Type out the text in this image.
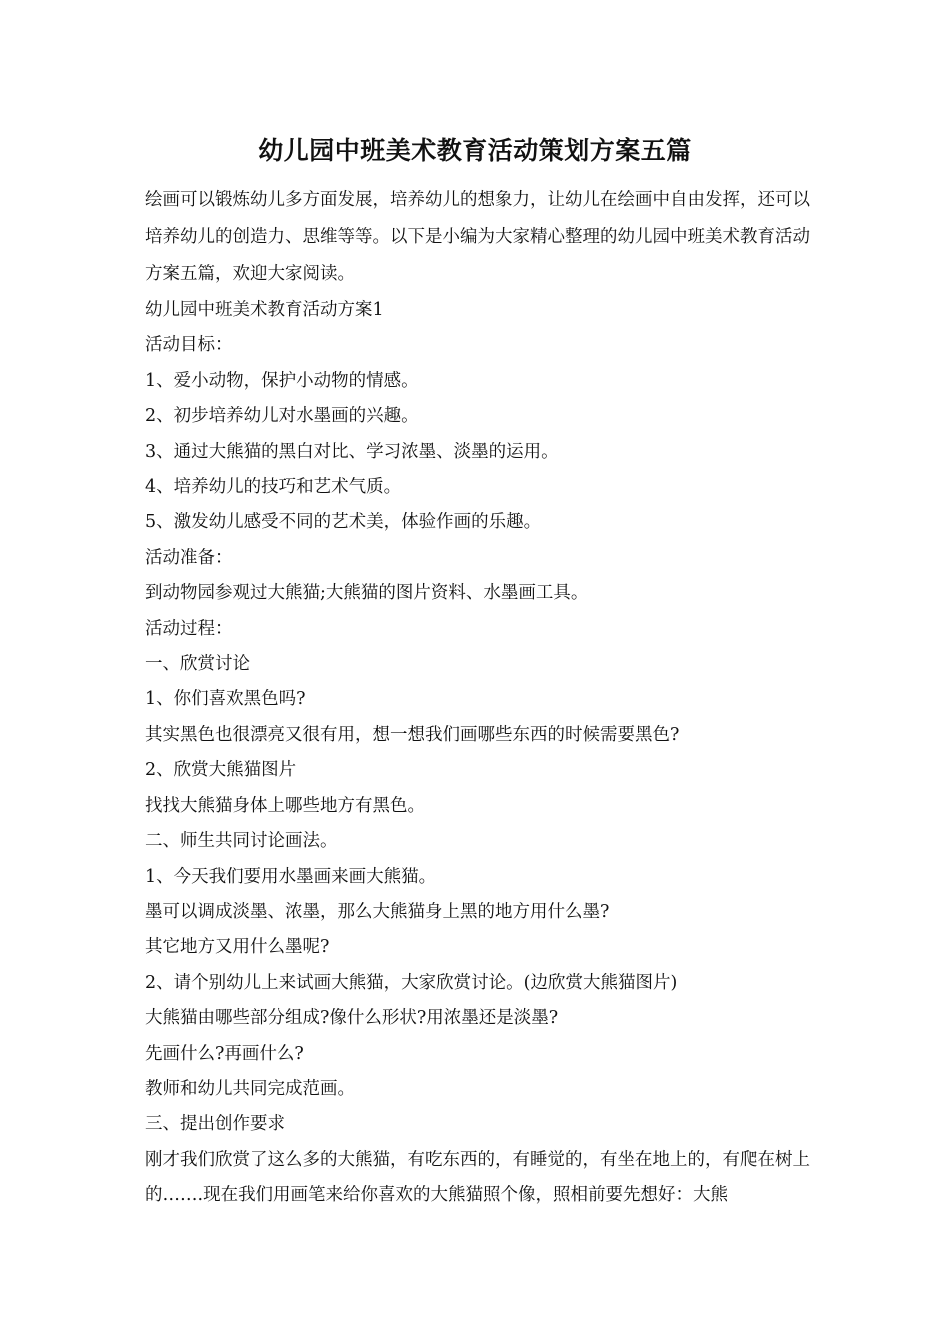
幼儿园中班美术教育活动策划方案五篇

绘画可以锻炼幼儿多方面发展，培养幼儿的想象力，让幼儿在绘画中自由发挥，还可以培养幼儿的创造力、思维等等。以下是小编为大家精心整理的幼儿园中班美术教育活动方案五篇，欢迎大家阅读。

幼儿园中班美术教育活动方案1

活动目标：

1、爱小动物，保护小动物的情感。

2、初步培养幼儿对水墨画的兴趣。

3、通过大熊猫的黑白对比、学习浓墨、淡墨的运用。

4、培养幼儿的技巧和艺术气质。

5、激发幼儿感受不同的艺术美，体验作画的乐趣。

活动准备：

到动物园参观过大熊猫;大熊猫的图片资料、水墨画工具。

活动过程：

一、欣赏讨论

1、你们喜欢黑色吗?

其实黑色也很漂亮又很有用，想一想我们画哪些东西的时候需要黑色?

2、欣赏大熊猫图片

找找大熊猫身体上哪些地方有黑色。

二、师生共同讨论画法。

1、今天我们要用水墨画来画大熊猫。

墨可以调成淡墨、浓墨，那么大熊猫身上黑的地方用什么墨?

其它地方又用什么墨呢?

2、请个别幼儿上来试画大熊猫，大家欣赏讨论。(边欣赏大熊猫图片)

大熊猫由哪些部分组成?像什么形状?用浓墨还是淡墨?

先画什么?再画什么?

教师和幼儿共同完成范画。

三、提出创作要求

刚才我们欣赏了这么多的大熊猫，有吃东西的，有睡觉的，有坐在地上的，有爬在树上的…….现在我们用画笔来给你喜欢的大熊猫照个像，照相前要先想好：大熊
